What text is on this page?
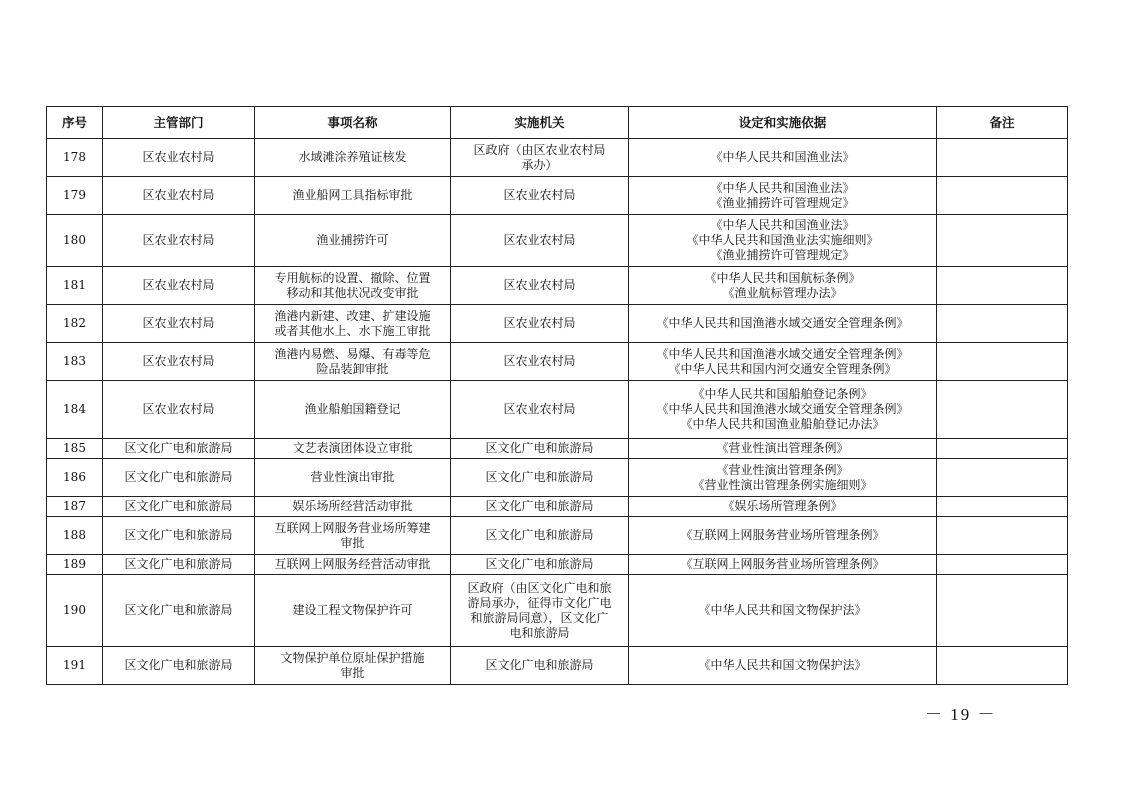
序号	主管部门	事项名称	实施机关	设定和实施依据	备注
178	区农业农村局	水域滩涂养殖证核发	区政府（由区农业农村局
承办）	《中华人民共和国渔业法》	
179	区农业农村局	渔业船网工具指标审批	区农业农村局	《中华人民共和国渔业法》
《渔业捕捞许可管理规定》	
180	区农业农村局	渔业捕捞许可	区农业农村局	《中华人民共和国渔业法》
《中华人民共和国渔业法实施细则》
《渔业捕捞许可管理规定》	
181	区农业农村局	专用航标的设置、撤除、位置
移动和其他状况改变审批	区农业农村局	《中华人民共和国航标条例》
《渔业航标管理办法》	
182	区农业农村局	渔港内新建、改建、扩建设施
或者其他水上、水下施工审批	区农业农村局	《中华人民共和国渔港水域交通安全管理条例》	
183	区农业农村局	渔港内易燃、易爆、有毒等危
险品装卸审批	区农业农村局	《中华人民共和国渔港水域交通安全管理条例》
《中华人民共和国内河交通安全管理条例》	
184	区农业农村局	渔业船舶国籍登记	区农业农村局	《中华人民共和国船舶登记条例》
《中华人民共和国渔港水域交通安全管理条例》
《中华人民共和国渔业船舶登记办法》	
185	区文化广电和旅游局	文艺表演团体设立审批	区文化广电和旅游局	《营业性演出管理条例》	
186	区文化广电和旅游局	营业性演出审批	区文化广电和旅游局	《营业性演出管理条例》
《营业性演出管理条例实施细则》	
187	区文化广电和旅游局	娱乐场所经营活动审批	区文化广电和旅游局	《娱乐场所管理条例》	
188	区文化广电和旅游局	互联网上网服务营业场所筹建
审批	区文化广电和旅游局	《互联网上网服务营业场所管理条例》	
189	区文化广电和旅游局	互联网上网服务经营活动审批	区文化广电和旅游局	《互联网上网服务营业场所管理条例》	
190	区文化广电和旅游局	建设工程文物保护许可	区政府（由区文化广电和旅
游局承办，征得市文化广电
和旅游局同意），区文化广
电和旅游局	《中华人民共和国文物保护法》	
191	区文化广电和旅游局	文物保护单位原址保护措施
审批	区文化广电和旅游局	《中华人民共和国文物保护法》	
－ 19 －
